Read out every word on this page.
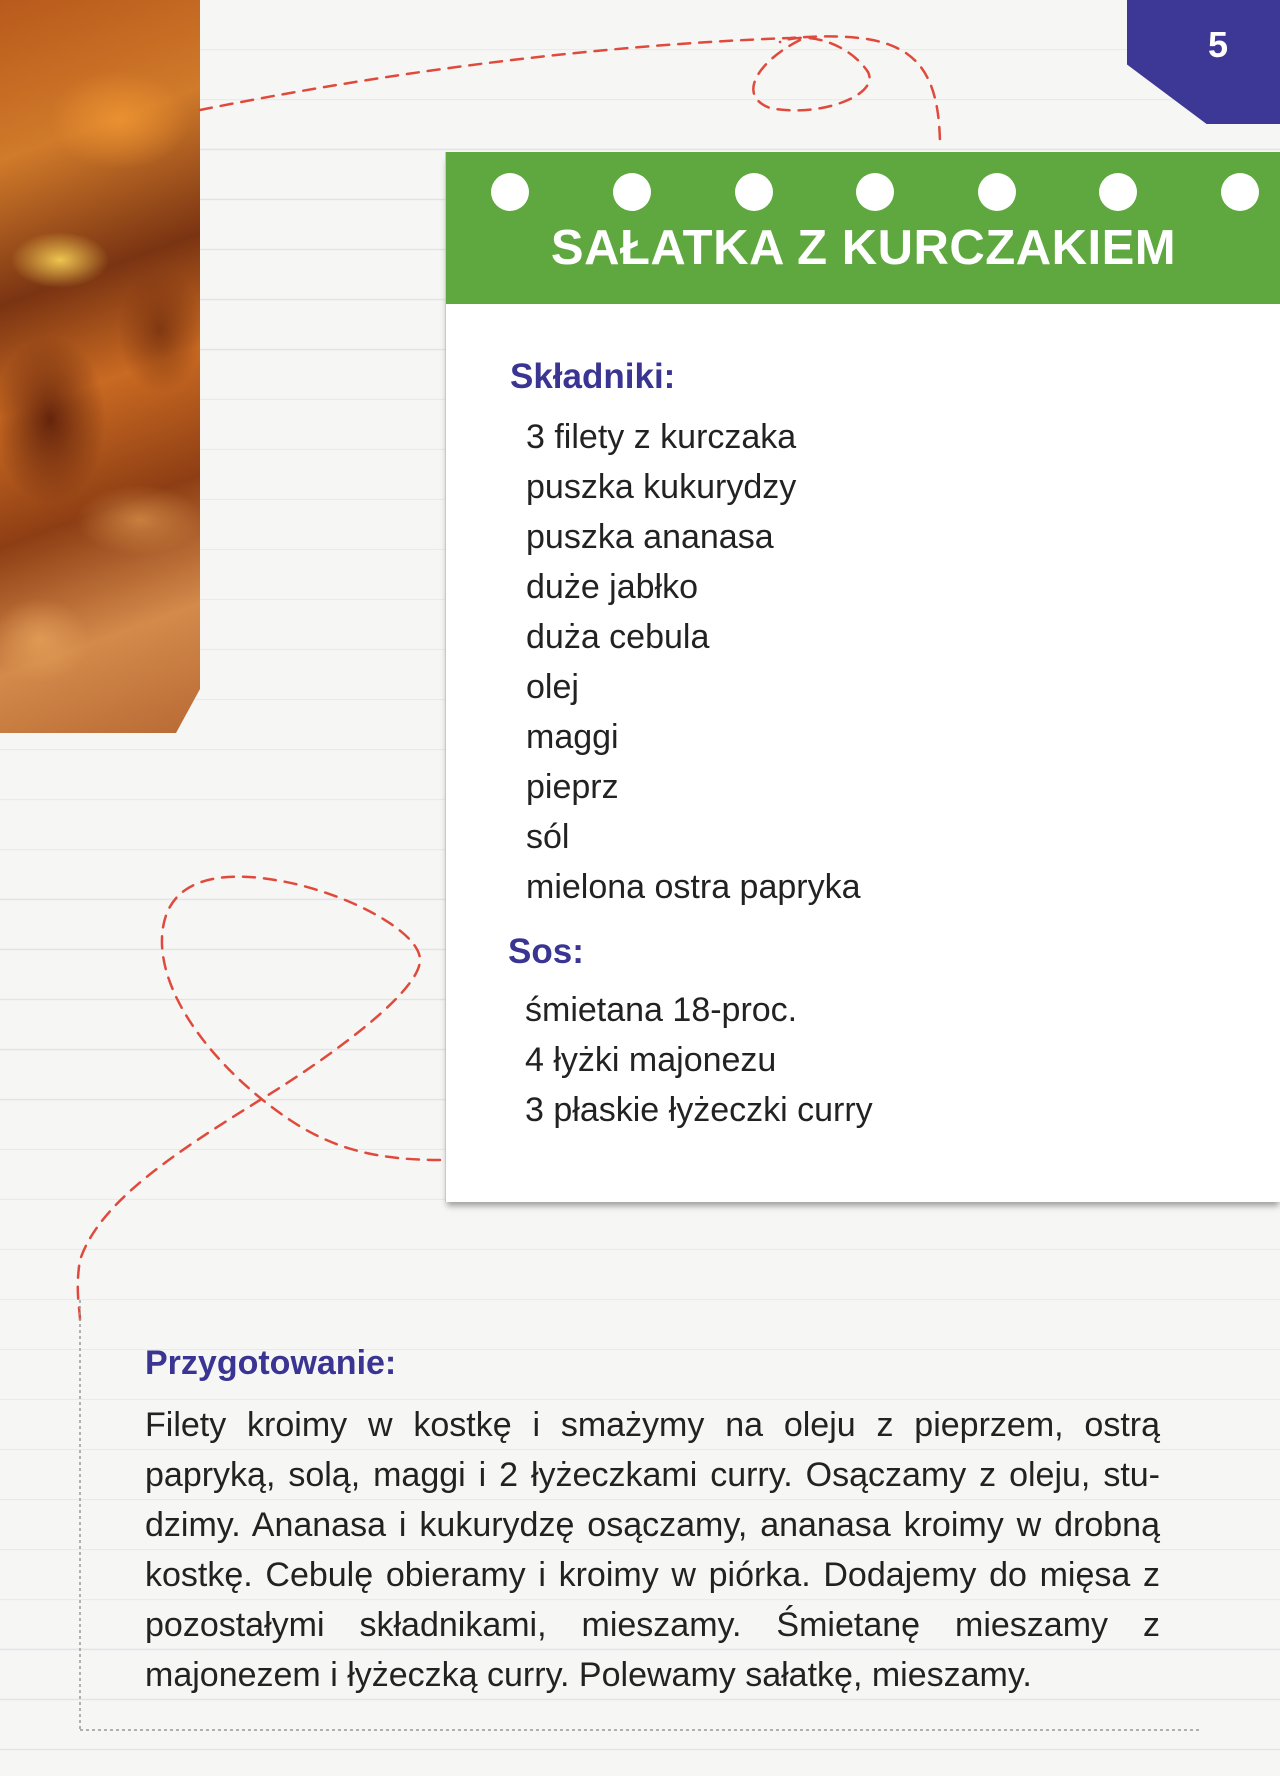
5
SAŁATKA Z KURCZAKIEM
Składniki:
3 filety z kurczaka
puszka kukurydzy
puszka ananasa
duże jabłko
duża cebula
olej
maggi
pieprz
sól
mielona ostra papryka
Sos:
śmietana 18-proc.
4 łyżki majonezu
3 płaskie łyżeczki curry
Przygotowanie:

Filety kroimy w kostkę i smażymy na oleju z pieprzem, ostrą papryką, solą, maggi i 2 łyżeczkami curry. Osączamy z oleju, studzimy. Ananasa i kukurydzę osączamy, ananasa kroimy w drobną kostkę. Cebulę obieramy i kroimy w piórka. Dodajemy do mięsa z pozostałymi składnikami, mieszamy. Śmietanę mieszamy z majonezem i łyżeczką curry. Polewamy sałatkę, mieszamy.
